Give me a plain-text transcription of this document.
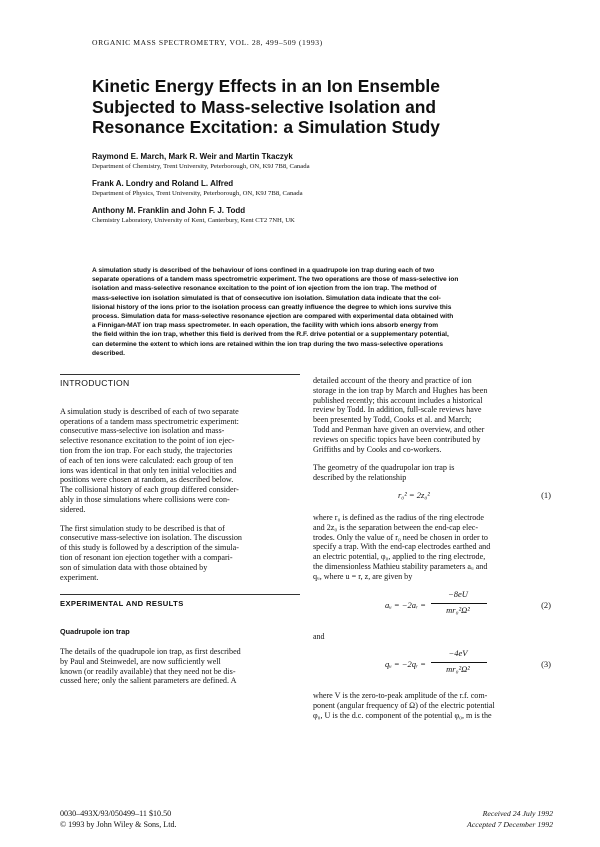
ORGANIC MASS SPECTROMETRY, VOL. 28, 499–509 (1993)
Kinetic Energy Effects in an Ion Ensemble
Subjected to Mass-selective Isolation and
Resonance Excitation: a Simulation Study
Raymond E. March, Mark R. Weir and Martin Tkaczyk
Department of Chemistry, Trent University, Peterborough, ON, K9J 7B8, Canada
Frank A. Londry and Roland L. Alfred
Department of Physics, Trent University, Peterborough, ON, K9J 7B8, Canada
Anthony M. Franklin and John F. J. Todd
Chemistry Laboratory, University of Kent, Canterbury, Kent CT2 7NH, UK
A simulation study is described of the behaviour of ions confined in a quadrupole ion trap during each of two
separate operations of a tandem mass spectrometric experiment. The two operations are those of mass-selective ion
isolation and mass-selective resonance excitation to the point of ion ejection from the ion trap. The method of
mass-selective ion isolation simulated is that of consecutive ion isolation. Simulation data indicate that the col-
lisional history of the ions prior to the isolation process can greatly influence the degree to which ions survive this
process. Simulation data for mass-selective resonance ejection are compared with experimental data obtained with
a Finnigan-MAT ion trap mass spectrometer. In each operation, the facility with which ions absorb energy from
the field within the ion trap, whether this field is derived from the R.F. drive potential or a supplementary potential,
can determine the extent to which ions are retained within the ion trap during the two mass-selective operations
described.
INTRODUCTION
A simulation study is described of each of two separate
operations of a tandem mass spectrometric experiment:
consecutive mass-selective ion isolation and mass-
selective resonance excitation to the point of ion ejec-
tion from the ion trap. For each study, the trajectories
of each of ten ions were calculated: each group of ten
ions was identical in that only ten initial velocities and
positions were chosen at random, as described below.
The collisional history of each group differed consider-
ably in those simulations where collisions were con-
sidered.
The first simulation study to be described is that of
consecutive mass-selective ion isolation. The discussion
of this study is followed by a description of the simula-
tion of resonant ion ejection together with a compari-
son of simulation data with those obtained by
experiment.
EXPERIMENTAL AND RESULTS
Quadrupole ion trap
The details of the quadrupole ion trap, as first described
by Paul and Steinwedel, are now sufficiently well
known (or readily available) that they need not be dis-
cussed here; only the salient parameters are defined. A
detailed account of the theory and practice of ion
storage in the ion trap by March and Hughes has been
published recently; this account includes a historical
review by Todd. In addition, full-scale reviews have
been presented by Todd, Cooks et al. and March;
Todd and Penman have given an overview, and other
reviews on specific topics have been contributed by
Griffiths and by Cooks and co-workers.
The geometry of the quadrupolar ion trap is
described by the relationship
r₀² = 2z₀²	(1)
where r₀ is defined as the radius of the ring electrode
and 2z₀ is the separation between the end-cap elec-
trodes. Only the value of r₀ need be chosen in order to
specify a trap. With the end-cap electrodes earthed and
an electric potential, φ₀, applied to the ring electrode,
the dimensionless Mathieu stability parameters aᵤ and
qᵤ, where u = r, z, are given by
aᵤ = −2aᵣ =
−8eU
mr₀²Ω²	(2)
and
qᵤ = −2qᵣ =
−4eV
mr₀²Ω²	(3)
where V is the zero-to-peak amplitude of the r.f. com-
ponent (angular frequency of Ω) of the electric potential
φ₀, U is the d.c. component of the potential φ₀, m is the
0030–493X/93/050499–11 $10.50
© 1993 by John Wiley & Sons, Ltd.
Received 24 July 1992
Accepted 7 December 1992
